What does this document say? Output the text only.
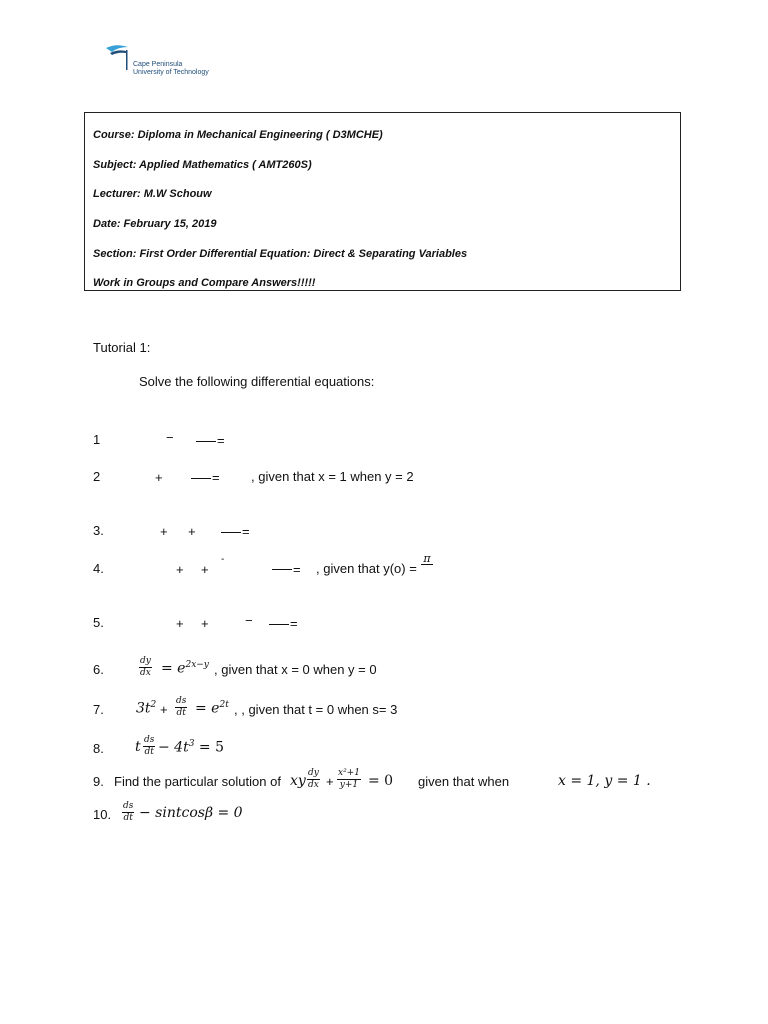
Cape Peninsula
University of Technology
Course: Diploma in Mechanical Engineering ( D3MCHE)
Subject: Applied Mathematics ( AMT260S)
Lecturer: M.W Schouw
Date: February 15, 2019
Section: First Order Differential Equation: Direct & Separating Variables
Work in Groups and Compare Answers!!!!!
Tutorial 1:
Solve the following differential equations:
1	−	=
2	+	= , given that x = 1 when y = 2
3.	+ +	=
4.	+ +
-
= , given that y(o) =
π

5.	+ +	−	=
6.	$\frac{dy}{dx} = e^{2x-y}$ , given that x = 0 when y = 0
7. $3t^2 + \frac{ds}{dt} = e^{2t}$ , , given that t = 0 when s= 3
8. t $\frac{ds}{dt} - 4t^3 = 5$
9. Find the particular solution of xy $\frac{dy}{dx} + \frac{\text{x²+1}}{y+1} = 0$ given that when	x = 1, y = 1 .
10. $\frac{ds}{dt}$ − sintcosβ = 0
